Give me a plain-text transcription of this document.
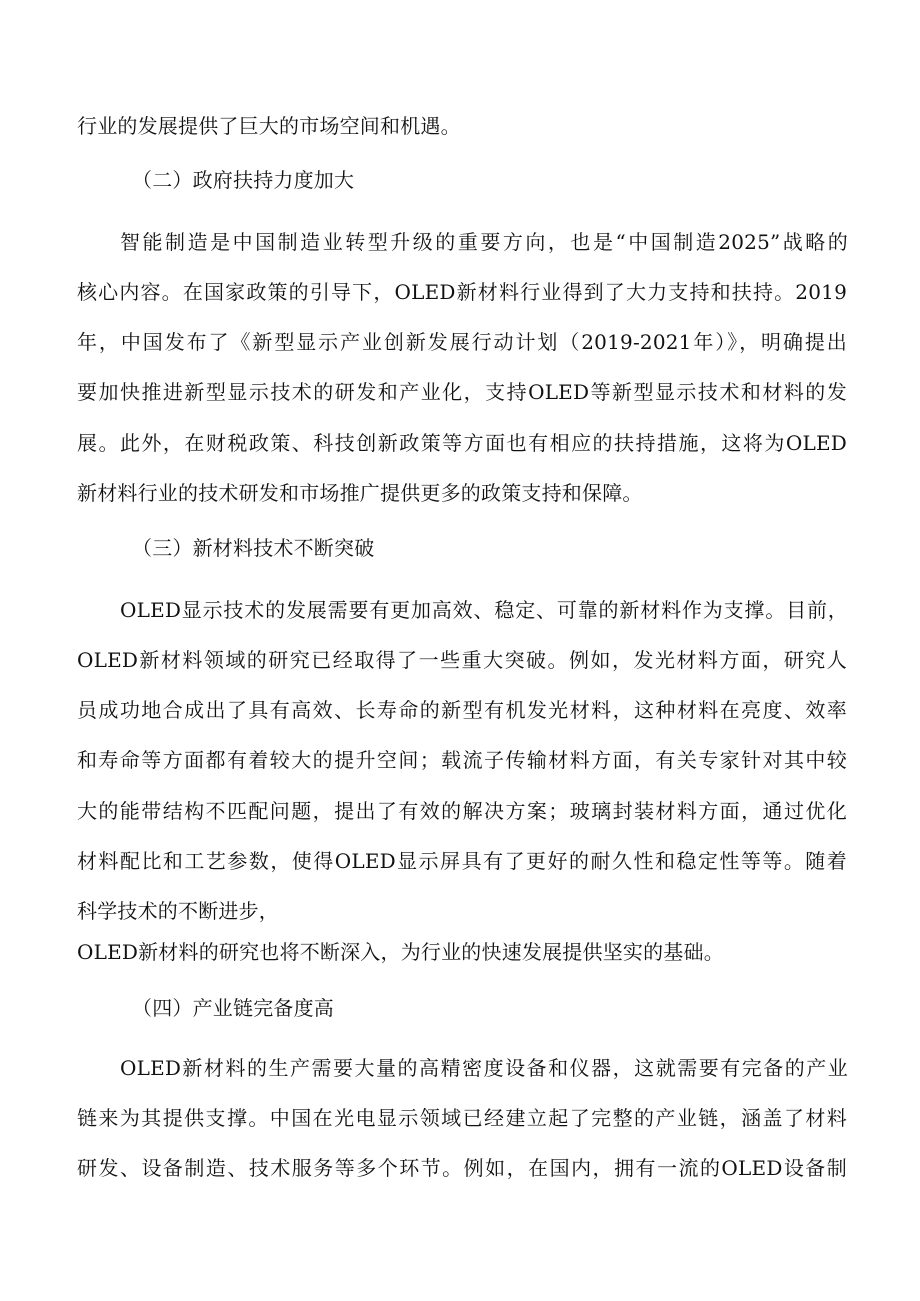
行业的发展提供了巨大的市场空间和机遇。
（二）政府扶持力度加大
智能制造是中国制造业转型升级的重要方向，也是“中国制造2025”战略的
核心内容。在国家政策的引导下，OLED新材料行业得到了大力支持和扶持。2019
年，中国发布了《新型显示产业创新发展行动计划（2019-2021年）》，明确提出
要加快推进新型显示技术的研发和产业化，支持OLED等新型显示技术和材料的发
展。此外，在财税政策、科技创新政策等方面也有相应的扶持措施，这将为OLED
新材料行业的技术研发和市场推广提供更多的政策支持和保障。
（三）新材料技术不断突破
OLED显示技术的发展需要有更加高效、稳定、可靠的新材料作为支撑。目前，
OLED新材料领域的研究已经取得了一些重大突破。例如，发光材料方面，研究人
员成功地合成出了具有高效、长寿命的新型有机发光材料，这种材料在亮度、效率
和寿命等方面都有着较大的提升空间；载流子传输材料方面，有关专家针对其中较
大的能带结构不匹配问题，提出了有效的解决方案；玻璃封装材料方面，通过优化
材料配比和工艺参数，使得OLED显示屏具有了更好的耐久性和稳定性等等。随着
科学技术的不断进步，
OLED新材料的研究也将不断深入，为行业的快速发展提供坚实的基础。
（四）产业链完备度高
OLED新材料的生产需要大量的高精密度设备和仪器，这就需要有完备的产业
链来为其提供支撑。中国在光电显示领域已经建立起了完整的产业链，涵盖了材料
研发、设备制造、技术服务等多个环节。例如，在国内，拥有一流的OLED设备制
